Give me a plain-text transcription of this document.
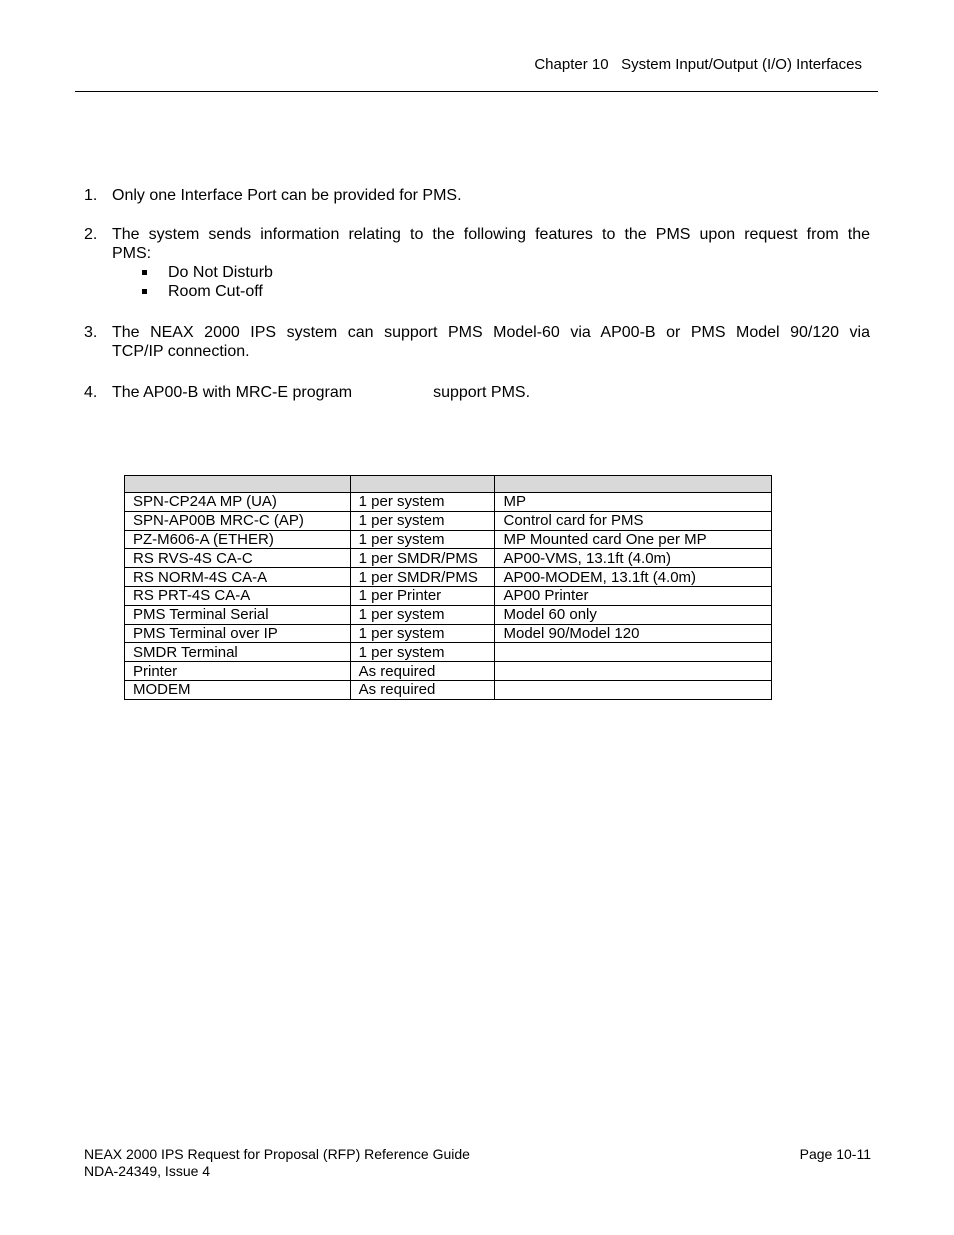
Chapter 10   System Input/Output (I/O) Interfaces
1. Only one Interface Port can be provided for PMS.
2. The system sends information relating to the following features to the PMS upon request from the
PMS:
Do Not Disturb
Room Cut-off
3. The NEAX 2000 IPS system can support PMS Model-60 via AP00-B or PMS Model 90/120 via
TCP/IP connection.
4. The AP00-B with MRC-E program	support PMS.

SPN-CP24A MP (UA)	1 per system	MP
SPN-AP00B MRC-C (AP)	1 per system	Control card for PMS
PZ-M606-A (ETHER)	1 per system	MP Mounted card One per MP
RS RVS-4S CA-C	1 per SMDR/PMS	AP00-VMS, 13.1ft (4.0m)
RS NORM-4S CA-A	1 per SMDR/PMS	AP00-MODEM, 13.1ft (4.0m)
RS PRT-4S CA-A	1 per Printer	AP00 Printer
PMS Terminal Serial	1 per system	Model 60 only
PMS Terminal over IP	1 per system	Model 90/Model 120
SMDR Terminal	1 per system	
Printer	As required	
MODEM	As required	
NEAX 2000 IPS Request for Proposal (RFP) Reference Guide
NDA-24349, Issue 4
Page 10-11
